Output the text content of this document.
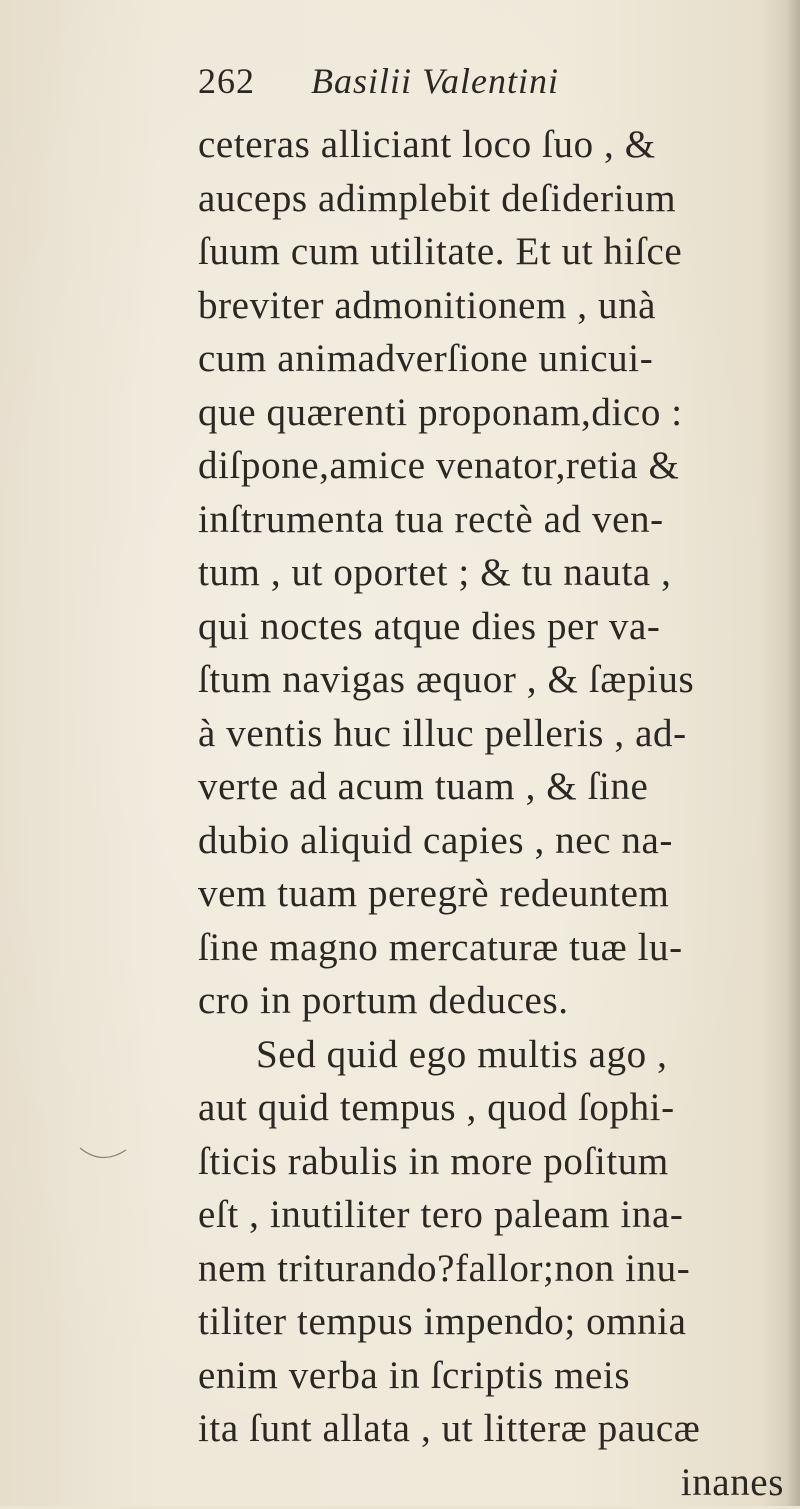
262 Basilii Valentini
ceteras alliciant loco ſuo , &
auceps adimplebit deſiderium
ſuum cum utilitate. Et ut hiſce
breviter admonitionem , unà
cum animadverſione unicui-
que quærenti proponam,dico :
diſpone,amice venator,retia &
inſtrumenta tua rectè ad ven-
tum , ut oportet ; & tu nauta ,
qui noctes atque dies per va-
ſtum navigas æquor , & ſæpius
à ventis huc illuc pelleris , ad-
verte ad acum tuam , & ſine
dubio aliquid capies , nec na-
vem tuam peregrè redeuntem
ſine magno mercaturæ tuæ lu-
cro in portum deduces.
Sed quid ego multis ago ,
aut quid tempus , quod ſophi-
ſticis rabulis in more poſitum
eſt , inutiliter tero paleam ina-
nem triturando?fallor;non inu-
tiliter tempus impendo; omnia
enim verba in ſcriptis meis
ita ſunt allata , ut litteræ paucæ
inanes
